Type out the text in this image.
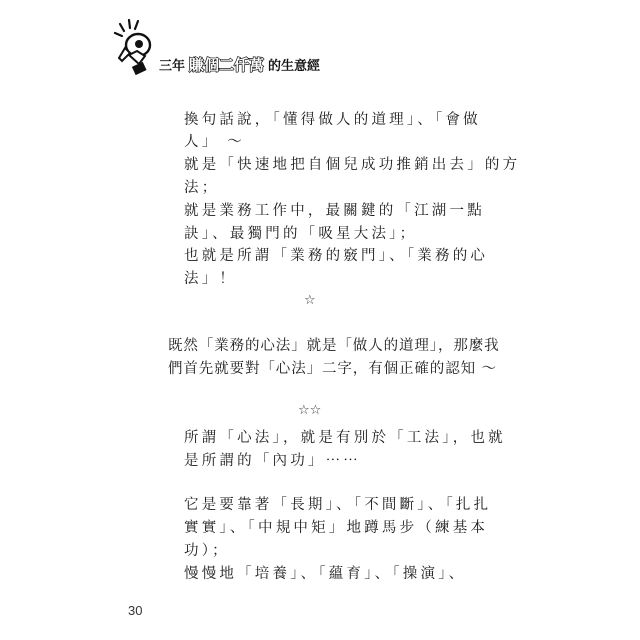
三年 賺個二仟萬 的生意經
換句話說，「懂得做人的道理」、「會做
人」 ～
就是「快速地把自個兒成功推銷出去」的方
法；
就是業務工作中，最關鍵的「江湖一點
訣」、最獨門的「吸星大法」；
也就是所謂「業務的竅門」、「業務的心
法」！
☆
既然「業務的心法」就是「做人的道理」，那麼我
們首先就要對「心法」二字，有個正確的認知 ～
☆☆
所謂「心法」，就是有別於「工法」，也就
是所謂的「內功」⋯⋯
它是要靠著「長期」、「不間斷」、「扎扎
實實」、「中規中矩」地蹲馬步（練基本
功）；
慢慢地「培養」、「蘊育」、「操演」、
30
